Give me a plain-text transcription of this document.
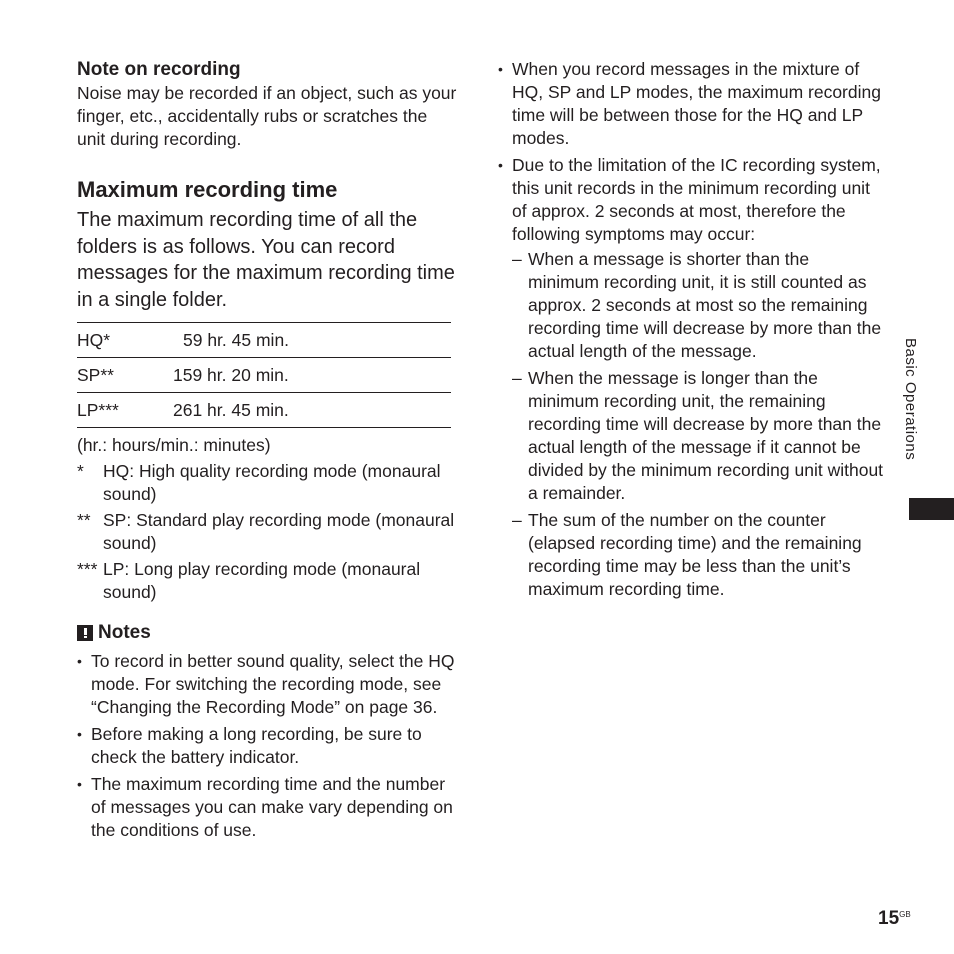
Note on recording

Noise may be recorded if an object, such as your finger, etc., accidentally rubs or scratches the unit during recording.

Maximum recording time

The maximum recording time of all the folders is as follows. You can record messages for the maximum recording time in a single folder.

HQ*	59 hr. 45 min.
SP**	159 hr. 20 min.
LP***	261 hr. 45 min.
(hr.: hours/min.: minutes)
*	HQ: High quality recording mode (monaural sound)
** SP: Standard play recording mode (monaural sound)
*** LP: Long play recording mode (monaural sound)
Notes
• To record in better sound quality, select the HQ mode. For switching the recording mode, see “Changing the Recording Mode” on page 36.
• Before making a long recording, be sure to check the battery indicator.
• The maximum recording time and the number of messages you can make vary depending on the conditions of use.
• When you record messages in the mixture of HQ, SP and LP modes, the maximum recording time will be between those for the HQ and LP modes.
• Due to the limitation of the IC recording system, this unit records in the minimum recording unit of approx. 2 seconds at most, therefore the following symptoms may occur:
– When a message is shorter than the minimum recording unit, it is still counted as approx. 2 seconds at most so the remaining recording time will decrease by more than the actual length of the message.
– When the message is longer than the minimum recording unit, the remaining recording time will decrease by more than the actual length of the message if it cannot be divided by the minimum recording unit without a remainder.
– The sum of the number on the counter (elapsed recording time) and the remaining recording time may be less than the unit’s maximum recording time.
Basic Operations
$15^{GB}$
